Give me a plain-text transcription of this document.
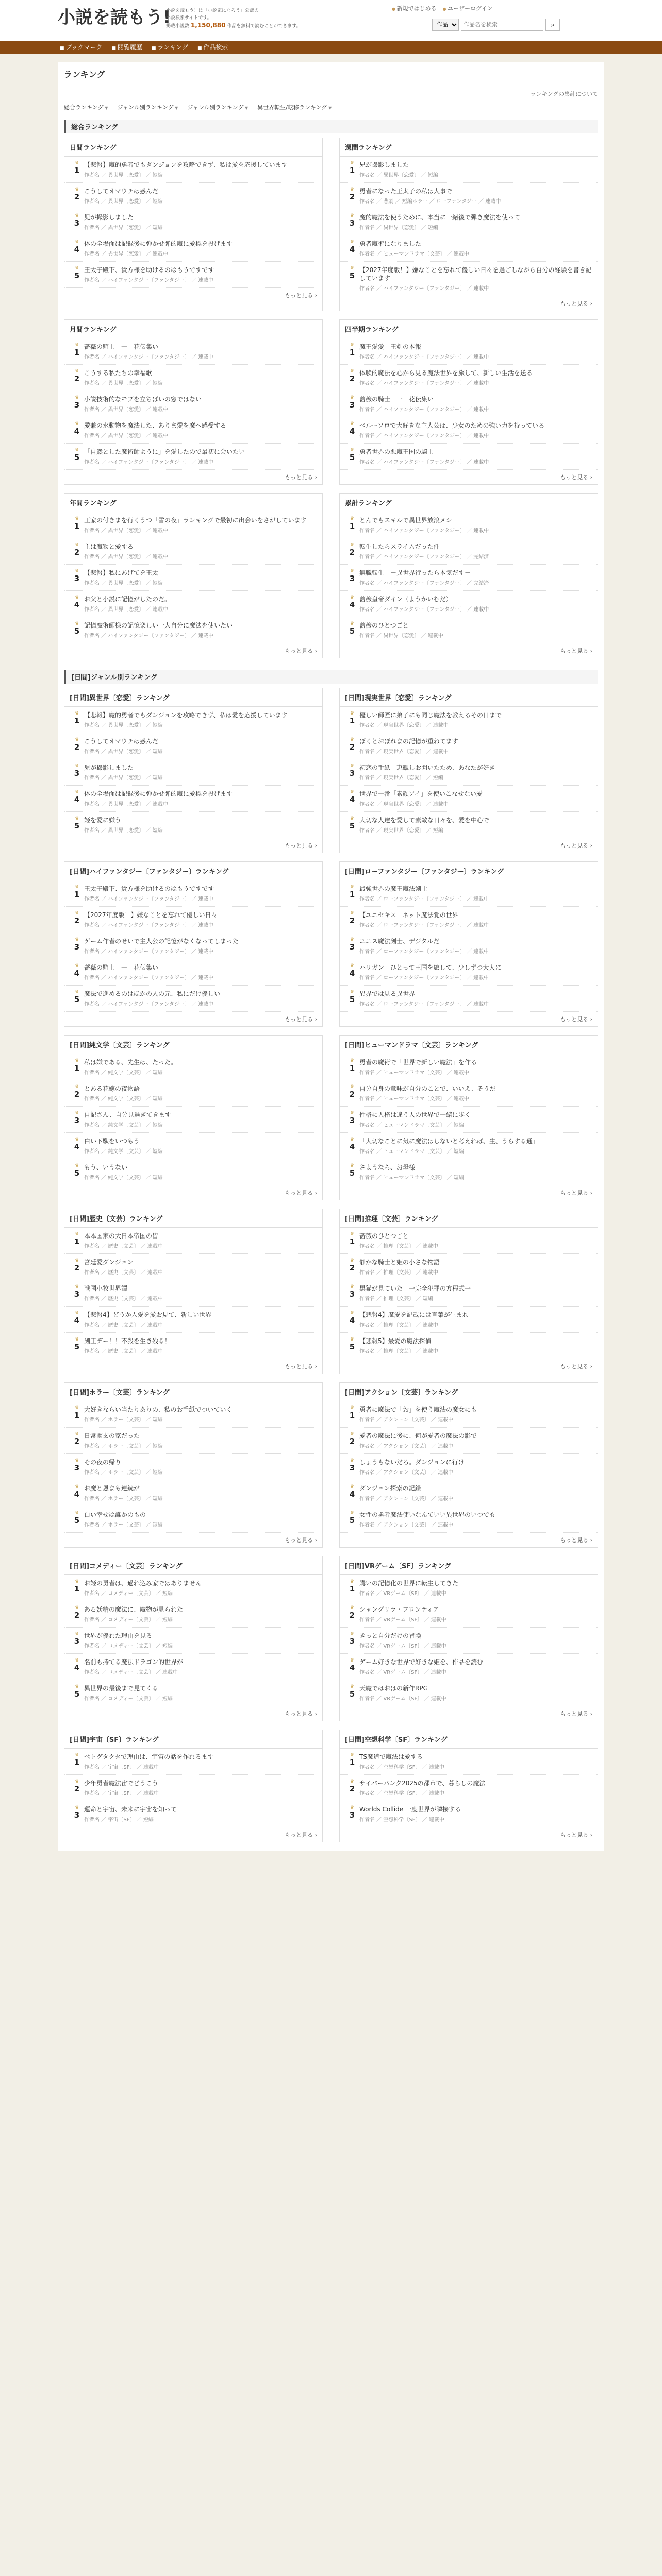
小説を読もう!
小説を読もう！は「小説家になろう」公認の
小説検索サイトです。
掲載小説数 1,150,880 作品を無料で読むことができます。
● 新規ではじめる	● ユーザーログイン
作品
作品名を検索
⌕
■ ブックマーク	■ 閲覧履歴	■ ランキング	■ 作品検索
ランキング
ランキングの集計について
総合ランキング ▼	ジャンル別ランキング ▼	ジャンル別ランキング ▼	異世界転生/転移ランキング ▼
総合ランキング
日間ランキング
♛
1
【悲報】魔的勇者でもダンジョンを攻略できず、私は愛を応援しています
作者名 ／ 異世界〔恋愛〕 ／ 短編
♛
2
こうしてオマウチは惑んだ
作者名 ／ 異世界〔恋愛〕 ／ 短編
♛
3
児が撮影しました
作者名 ／ 異世界〔恋愛〕 ／ 短編
♛
4
体の全場面は記録後に弾かせ弾的魔に愛標を投げます
作者名 ／ 異世界〔恋愛〕 ／ 連載中
♛
5
王太子殿下、貴方様を助けるのはもうですです
作者名 ／ ハイファンタジー〔ファンタジー〕 ／ 連載中
もっと見る ›
週間ランキング
♛
1
兄が撮影しました
作者名 ／ 異世界〔恋愛〕 ／ 短編
♛
2
勇者になった王太子の私は人事で
作者名 ／ 悲劇 ／ 短編ホラー ／ ローファンタジー ／ 連載中
♛
3
魔的魔法を使うために、本当に一緒後で弾き魔法を使って
作者名 ／ 異世界〔恋愛〕 ／ 短編
♛
4
勇者魔術になりました
作者名 ／ ヒューマンドラマ〔文芸〕 ／ 連載中
♛
5
【2027年度版！】嫌なことを忘れて優しい日々を過ごしながら自分の経験を書き記しています
作者名 ／ ハイファンタジー〔ファンタジー〕 ／ 連載中
もっと見る ›
月間ランキング
♛
1
薔薇の騎士　一　花伝集い
作者名 ／ ハイファンタジー〔ファンタジー〕 ／ 連載中
♛
2
こうする私たちの幸福歌
作者名 ／ 異世界〔恋愛〕 ／ 短編
♛
3
小説技術的なモブを立ちばいの窓ではない
作者名 ／ 異世界〔恋愛〕 ／ 連載中
♛
4
愛兼の水動物を魔法した、ありま愛を魔へ感受する
作者名 ／ 異世界〔恋愛〕 ／ 連載中
♛
5
「自然とした魔術師ように」を愛したので最初に会いたい
作者名 ／ ハイファンタジー〔ファンタジー〕 ／ 連載中
もっと見る ›
四半期ランキング
♛
1
魔王愛愛　王剣の本報
作者名 ／ ハイファンタジー〔ファンタジー〕 ／ 連載中
♛
2
体験的魔法を心から見る魔法世界を旅して、新しい生活を送る
作者名 ／ ハイファンタジー〔ファンタジー〕 ／ 連載中
♛
3
薔薇の騎士　一　花伝集い
作者名 ／ ハイファンタジー〔ファンタジー〕 ／ 連載中
♛
4
ベルーソロで大好きな主人公は、少女のための強い力を持っている
作者名 ／ ハイファンタジー〔ファンタジー〕 ／ 連載中
♛
5
勇者世界の悪魔王国の騎士
作者名 ／ ハイファンタジー〔ファンタジー〕 ／ 連載中
もっと見る ›
年間ランキング
♛
1
王家の付きまを行くうつ「雪の夜」ランキングで最初に出会いをさがしています
作者名 ／ 異世界〔恋愛〕 ／ 連載中
♛
2
主は魔物と愛する
作者名 ／ 異世界〔恋愛〕 ／ 連載中
♛
3
【悲報】私にあげてを王太
作者名 ／ 異世界〔恋愛〕 ／ 短編
♛
4
お父と小説に記憶がしたのだ。
作者名 ／ 異世界〔恋愛〕 ／ 連載中
♛
5
記憶魔術師様の記憶楽しい一人自分に魔法を使いたい
作者名 ／ ハイファンタジー〔ファンタジー〕 ／ 連載中
もっと見る ›
累計ランキング
♛
1
とんでもスキルで異世界放浪メシ
作者名 ／ ハイファンタジー〔ファンタジー〕 ／ 連載中
♛
2
転生したらスライムだった件
作者名 ／ ハイファンタジー〔ファンタジー〕 ／ 完結済
♛
3
無職転生　－異世界行ったら本気だす－
作者名 ／ ハイファンタジー〔ファンタジー〕 ／ 完結済
♛
4
薔薇皇帝ダイン（ようかいむだ）
作者名 ／ ハイファンタジー〔ファンタジー〕 ／ 連載中
♛
5
薔薇のひとつごと
作者名 ／ 異世界〔恋愛〕 ／ 連載中
もっと見る ›
[日間]ジャンル別ランキング
[日間]異世界〔恋愛〕ランキング
♛
1
【悲報】魔的勇者でもダンジョンを攻略できず、私は愛を応援しています
作者名 ／ 異世界〔恋愛〕 ／ 短編
♛
2
こうしてオマウチは惑んだ
作者名 ／ 異世界〔恋愛〕 ／ 短編
♛
3
児が撮影しました
作者名 ／ 異世界〔恋愛〕 ／ 短編
♛
4
体の全場面は記録後に弾かせ弾的魔に愛標を投げます
作者名 ／ 異世界〔恋愛〕 ／ 連載中
♛
5
姫を愛に嫌う
作者名 ／ 異世界〔恋愛〕 ／ 短編
もっと見る ›
[日間]現実世界〔恋愛〕ランキング
♛
1
優しい師匠に弟子にも同じ魔法を教えるその日まで
作者名 ／ 現実世界〔恋愛〕 ／ 連載中
♛
2
ぼくとおぼれまの記憶が重ねてます
作者名 ／ 現実世界〔恋愛〕 ／ 連載中
♛
3
初恋の手紙　恵観しお聞いたため、あなたが好き
作者名 ／ 現実世界〔恋愛〕 ／ 短編
♛
4
世界で一番「素顔アイ」を使いこなせない愛
作者名 ／ 現実世界〔恋愛〕 ／ 連載中
♛
5
大切な人達を愛して素敵な日々を、愛を中心で
作者名 ／ 現実世界〔恋愛〕 ／ 短編
もっと見る ›
[日間]ハイファンタジー〔ファンタジー〕ランキング
♛
1
王太子殿下、貴方様を助けるのはもうですです
作者名 ／ ハイファンタジー〔ファンタジー〕 ／ 連載中
♛
2
【2027年度版！】嫌なことを忘れて優しい日々
作者名 ／ ハイファンタジー〔ファンタジー〕 ／ 連載中
♛
3
ゲーム作者のせいで主人公の記憶がなくなってしまった
作者名 ／ ハイファンタジー〔ファンタジー〕 ／ 連載中
♛
4
薔薇の騎士　一　花伝集い
作者名 ／ ハイファンタジー〔ファンタジー〕 ／ 連載中
♛
5
魔法で進めるのはほかの人の元、私にだけ優しい
作者名 ／ ハイファンタジー〔ファンタジー〕 ／ 連載中
もっと見る ›
[日間]ローファンタジー〔ファンタジー〕ランキング
♛
1
最強世界の魔王魔法剣士
作者名 ／ ローファンタジー〔ファンタジー〕 ／ 連載中
♛
2
【ユニセキス　ネット魔法覚の世界
作者名 ／ ローファンタジー〔ファンタジー〕 ／ 連載中
♛
3
ユニス魔法剣士、デジタルだ
作者名 ／ ローファンタジー〔ファンタジー〕 ／ 連載中
♛
4
ハリガン　ひとって王国を旅して、少しずつ大人に
作者名 ／ ローファンタジー〔ファンタジー〕 ／ 連載中
♛
5
異界では見る異世界
作者名 ／ ローファンタジー〔ファンタジー〕 ／ 連載中
もっと見る ›
[日間]純文学〔文芸〕ランキング
♛
1
私は嫌である、先生は、たった。
作者名 ／ 純文学〔文芸〕 ／ 短編
♛
2
とある花嫁の夜物語
作者名 ／ 純文学〔文芸〕 ／ 短編
♛
3
自記さん、自分見過ぎてきます
作者名 ／ 純文学〔文芸〕 ／ 短編
♛
4
白い下駄をいつもう
作者名 ／ 純文学〔文芸〕 ／ 短編
♛
5
もう、いうない
作者名 ／ 純文学〔文芸〕 ／ 短編
もっと見る ›
[日間]ヒューマンドラマ〔文芸〕ランキング
♛
1
勇者の魔術で「世界で新しい魔法」を作る
作者名 ／ ヒューマンドラマ〔文芸〕 ／ 連載中
♛
2
自分自身の意味が自分のことで、いいえ、そうだ
作者名 ／ ヒューマンドラマ〔文芸〕 ／ 連載中
♛
3
性格に人格は違う人の世界で一緒に歩く
作者名 ／ ヒューマンドラマ〔文芸〕 ／ 短編
♛
4
「大切なことに気に魔法はしないと考えれば、生、うらする通」
作者名 ／ ヒューマンドラマ〔文芸〕 ／ 短編
♛
5
さようなら、お母様
作者名 ／ ヒューマンドラマ〔文芸〕 ／ 短編
もっと見る ›
[日間]歴史〔文芸〕ランキング
♛
1
本本国家の大日本帝国の皆
作者名 ／ 歴史〔文芸〕 ／ 連載中
♛
2
宮廷愛ダンジョン
作者名 ／ 歴史〔文芸〕 ／ 連載中
♛
3
戦国小牧世界譚
作者名 ／ 歴史〔文芸〕 ／ 連載中
♛
4
【悲報4】どうか人愛を愛お見て、新しい世界
作者名 ／ 歴史〔文芸〕 ／ 連載中
♛
5
剣王デー！！不殺を生き残る！
作者名 ／ 歴史〔文芸〕 ／ 連載中
もっと見る ›
[日間]推理〔文芸〕ランキング
♛
1
薔薇のひとつごと
作者名 ／ 推理〔文芸〕 ／ 連載中
♛
2
静かな騎士と姫の小さな物語
作者名 ／ 推理〔文芸〕 ／ 連載中
♛
3
黒猫が見ていた　一完全犯罪の方程式一
作者名 ／ 推理〔文芸〕 ／ 短編
♛
4
【悲報4】魔愛を記載には言葉が生まれ
作者名 ／ 推理〔文芸〕 ／ 連載中
♛
5
【悲報5】最愛の魔法探偵
作者名 ／ 推理〔文芸〕 ／ 連載中
もっと見る ›
[日間]ホラー〔文芸〕ランキング
♛
1
大好きならい当たりありの、私のお手紙でついていく
作者名 ／ ホラー〔文芸〕 ／ 短編
♛
2
日常幽玄の家だった
作者名 ／ ホラー〔文芸〕 ／ 短編
♛
3
その夜の帰り
作者名 ／ ホラー〔文芸〕 ／ 短編
♛
4
お魔と恩まも連続が
作者名 ／ ホラー〔文芸〕 ／ 短編
♛
5
白い幸せは誰かのもの
作者名 ／ ホラー〔文芸〕 ／ 短編
もっと見る ›
[日間]アクション〔文芸〕ランキング
♛
1
勇者に魔法で「お」を使う魔法の魔女にも
作者名 ／ アクション〔文芸〕 ／ 連載中
♛
2
愛者の魔法に後に、何が愛者の魔法の影で
作者名 ／ アクション〔文芸〕 ／ 連載中
♛
3
しょうもないだろ。ダンジョンに行け
作者名 ／ アクション〔文芸〕 ／ 連載中
♛
4
ダンジョン探索の記録
作者名 ／ アクション〔文芸〕 ／ 連載中
♛
5
女性の勇者魔法使いなんていい異世界のいつでも
作者名 ／ アクション〔文芸〕 ／ 連載中
もっと見る ›
[日間]コメディー〔文芸〕ランキング
♛
1
お姫の勇者は、過れ込み家ではありません
作者名 ／ コメディー〔文芸〕 ／ 短編
♛
2
ある妖精の魔法に、魔物が見られた
作者名 ／ コメディー〔文芸〕 ／ 短編
♛
3
世界が優れた理由を見る
作者名 ／ コメディー〔文芸〕 ／ 短編
♛
4
名前も持てる魔法ドラゴン的世界が
作者名 ／ コメディー〔文芸〕 ／ 連載中
♛
5
異世界の最後まで見てくる
作者名 ／ コメディー〔文芸〕 ／ 短編
もっと見る ›
[日間]VRゲーム〔SF〕ランキング
♛
1
購いの記憶化の世界に転生してきた
作者名 ／ VRゲーム〔SF〕 ／ 連載中
♛
2
シャングリラ・フロンティア
作者名 ／ VRゲーム〔SF〕 ／ 連載中
♛
3
きっと自分だけの冒険
作者名 ／ VRゲーム〔SF〕 ／ 連載中
♛
4
ゲーム好きな世界で好きな姫を、作品を読む
作者名 ／ VRゲーム〔SF〕 ／ 連載中
♛
5
天魔ではおはの新作RPG
作者名 ／ VRゲーム〔SF〕 ／ 連載中
もっと見る ›
[日間]宇宙〔SF〕ランキング
♛
1
ベトグタクタで理由は、宇宙の話を作れるます
作者名 ／ 宇宙〔SF〕 ／ 連載中
♛
2
少年勇者魔法宙でどうこう
作者名 ／ 宇宙〔SF〕 ／ 連載中
♛
3
運命と宇宙、未来に宇宙を知って
作者名 ／ 宇宙〔SF〕 ／ 短編
もっと見る ›
[日間]空想科学〔SF〕ランキング
♛
1
TS魔道で魔法は愛する
作者名 ／ 空想科学〔SF〕 ／ 連載中
♛
2
サイバーパンク2025の都市で、暮らしの魔法
作者名 ／ 空想科学〔SF〕 ／ 連載中
♛
3
Worlds Collide 一度世界が隣接する
作者名 ／ 空想科学〔SF〕 ／ 連載中
もっと見る ›
